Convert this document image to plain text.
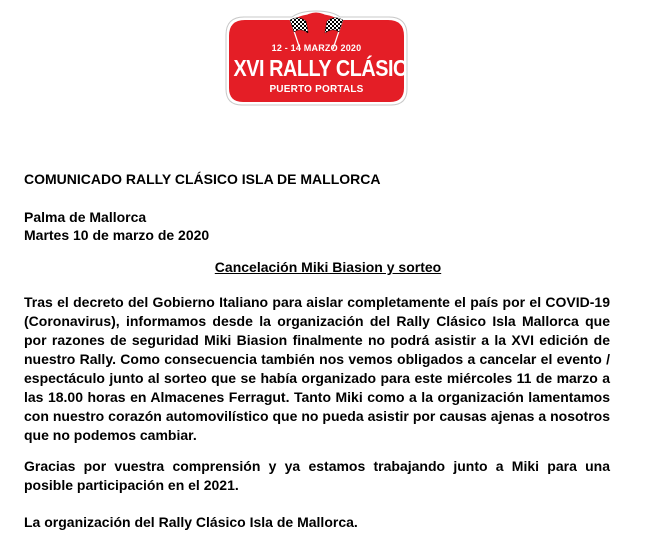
12 - 14 MARZO 2020
XVI RALLY CLÁSICO
PUERTO PORTALS
COMUNICADO RALLY CLÁSICO ISLA DE MALLORCA
Palma de Mallorca
Martes 10 de marzo de 2020
Cancelación Miki Biasion y sorteo
Tras el decreto del Gobierno Italiano para aislar completamente el país por el COVID-19 (Coronavirus), informamos desde la organización del Rally Clásico Isla Mallorca que por razones de seguridad Miki Biasion finalmente no podrá asistir a la XVI edición de nuestro Rally. Como consecuencia también nos vemos obligados a cancelar el evento / espectáculo junto al sorteo que se había organizado para este miércoles 11 de marzo a las 18.00 horas en Almacenes Ferragut. Tanto Miki como a la organización lamentamos con nuestro corazón automovilístico que no pueda asistir por causas ajenas a nosotros que no podemos cambiar.
Gracias por vuestra comprensión y ya estamos trabajando junto a Miki para una posible participación en el 2021.
La organización del Rally Clásico Isla de Mallorca.
